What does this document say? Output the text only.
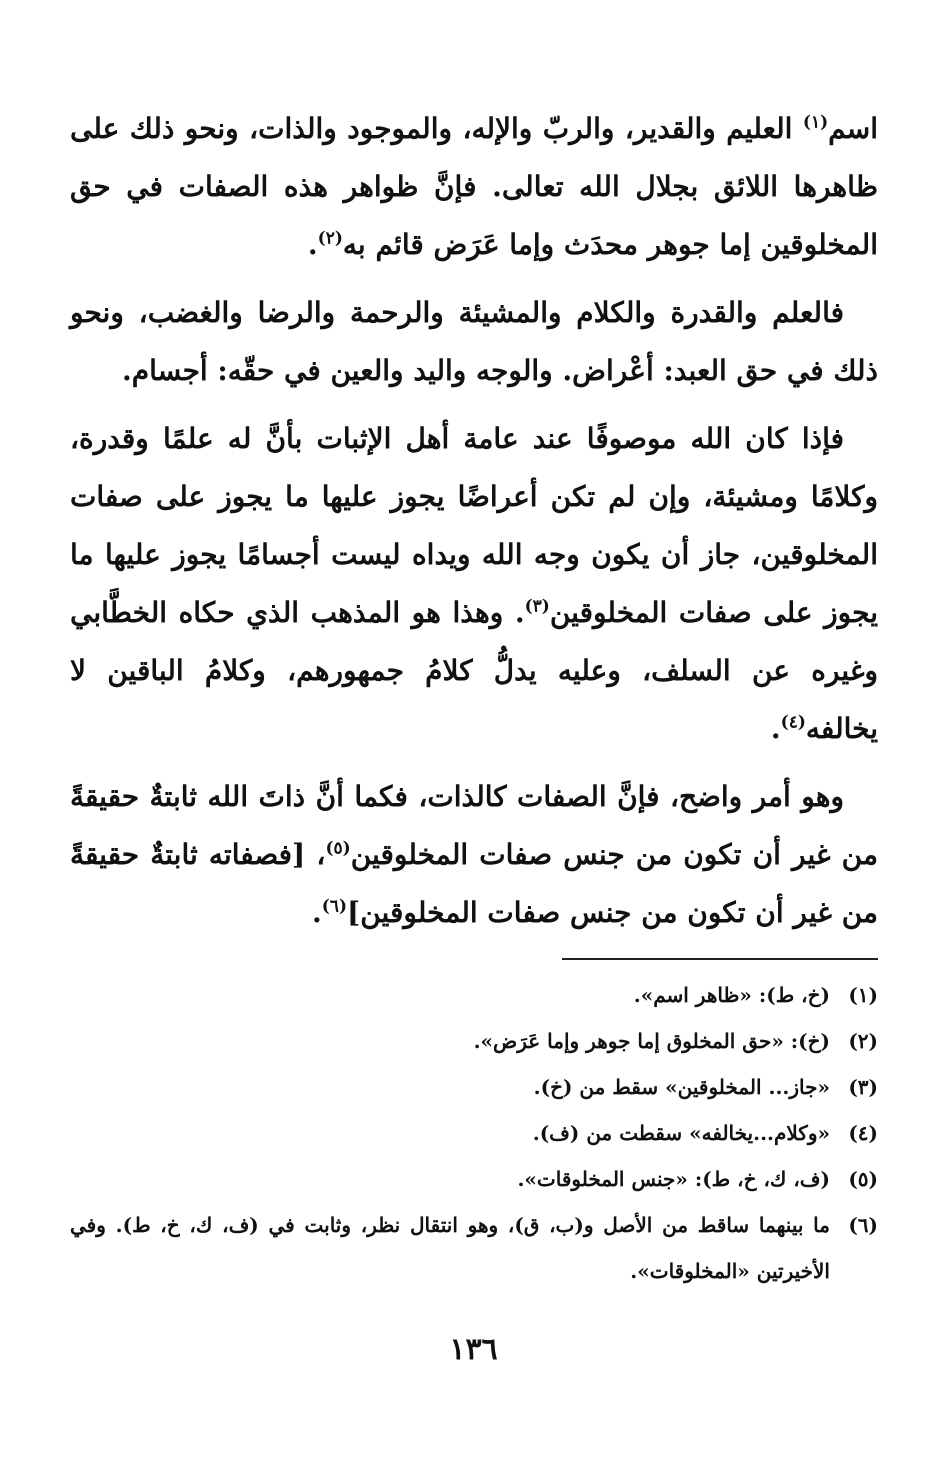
اسم$^{(١)}$ العليم والقدير، والربّ والإله، والموجود والذات، ونحو ذلك على ظاهرها اللائق بجلال الله تعالى. فإنَّ ظواهر هذه الصفات في حق المخلوقين إما جوهر محدَث وإما عَرَض قائم به$^{(٢)}$.

فالعلم والقدرة والكلام والمشيئة والرحمة والرضا والغضب، ونحو ذلك في حق العبد: أعْراض. والوجه واليد والعين في حقّه: أجسام.

فإذا كان الله موصوفًا عند عامة أهل الإثبات بأنَّ له علمًا وقدرة، وكلامًا ومشيئة، وإن لم تكن أعراضًا يجوز عليها ما يجوز على صفات المخلوقين، جاز أن يكون وجه الله ويداه ليست أجسامًا يجوز عليها ما يجوز على صفات المخلوقين$^{(٣)}$. وهذا هو المذهب الذي حكاه الخطَّابي وغيره عن السلف، وعليه يدلُّ كلامُ جمهورهم، وكلامُ الباقين لا يخالفه$^{(٤)}$.

وهو أمر واضح، فإنَّ الصفات كالذات، فكما أنَّ ذاتَ الله ثابتةٌ حقيقةً من غير أن تكون من جنس صفات المخلوقين$^{(٥)}$، [فصفاته ثابتةٌ حقيقةً من غير أن تكون من جنس صفات المخلوقين]$^{(٦)}$.

(١)
(خ، ط): «ظاهر اسم».
(٢)
(خ): «حق المخلوق إما جوهر وإما عَرَض».
(٣)
«جاز... المخلوقين» سقط من (خ).
(٤)
«وكلام...يخالفه» سقطت من (ف).
(٥)
(ف، ك، خ، ط): «جنس المخلوقات».
(٦)
ما بينهما ساقط من الأصل و(ب، ق)، وهو انتقال نظر، وثابت في (ف، ك، خ، ط). وفي الأخيرتين «المخلوقات».
١٣٦
